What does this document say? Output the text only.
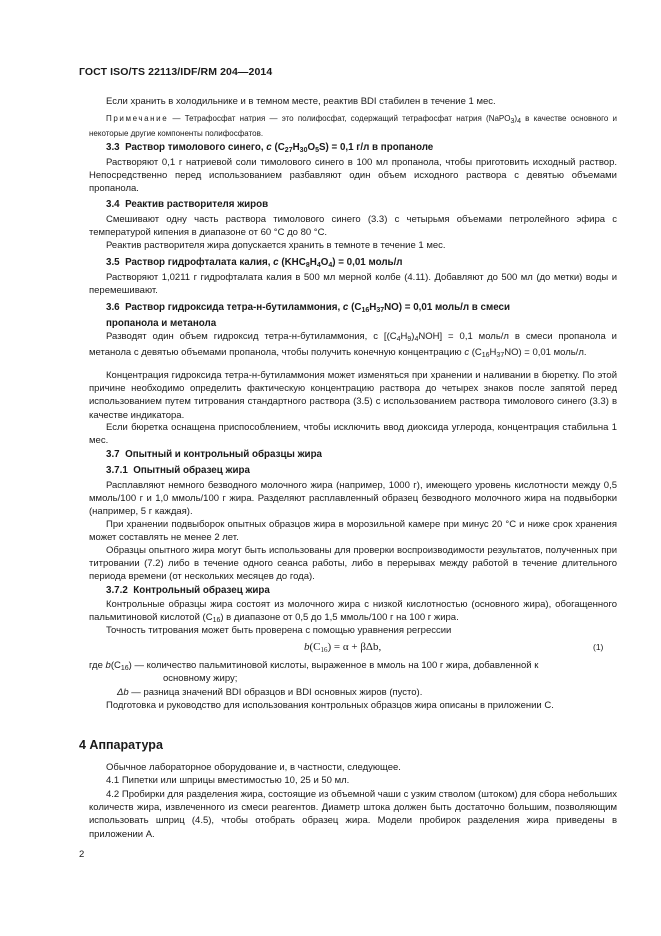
ГОСТ ISO/TS 22113/IDF/RM 204—2014
Если хранить в холодильнике и в темном месте, реактив BDI стабилен в течение 1 мес.
Примечание — Тетрафосфат натрия — это полифосфат, содержащий тетрафосфат натрия (NaPO3)4 в качестве основного и некоторые другие компоненты полифосфатов.
3.3 Раствор тимолового синего, c $(C_{27}H_{30}O_5S) = 0,1$ г/л в пропаноле
Растворяют 0,1 г натриевой соли тимолового синего в 100 мл пропанола, чтобы приготовить исходный раствор. Непосредственно перед использованием разбавляют один объем исходного раствора с девятью объемами пропанола.
3.4 Реактив растворителя жиров
Смешивают одну часть раствора тимолового синего (3.3) с четырьмя объемами петролейного эфира с температурой кипения в диапазоне от 60 °С до 80 °С.
Реактив растворителя жира допускается хранить в темноте в течение 1 мес.
3.5 Раствор гидрофталата калия, c $(KHC_8H_4O_4) = 0,01$ моль/л
Растворяют 1,0211 г гидрофталата калия в 500 мл мерной колбе (4.11). Добавляют до 500 мл (до метки) воды и перемешивают.
3.6 Раствор гидроксида тетра-н-бутиламмония, c $(C_{16}H_{37}NO) = 0,01$ моль/л в смеси
пропанола и метанола
Разводят один объем гидроксид тетра-н-бутиламмония, с $[(C_4H_9)_4NOH] = 0,1$ моль/л в смеси пропанола и метанола с девятью объемами пропанола, чтобы получить конечную концентрацию c $(C_{16}H_{37}NO) = 0,01$ моль/л.
Концентрация гидроксида тетра-н-бутиламмония может изменяться при хранении и наливании в бюретку. По этой причине необходимо определить фактическую концентрацию раствора до четырех знаков после запятой перед использованием путем титрования стандартного раствора (3.5) с использованием раствора тимолового синего (3.3) в качестве индикатора.
Если бюретка оснащена приспособлением, чтобы исключить ввод диоксида углерода, концентрация стабильна 1 мес.
3.7 Опытный и контрольный образцы жира
3.7.1 Опытный образец жира
Расплавляют немного безводного молочного жира (например, 1000 г), имеющего уровень кислотности между 0,5 ммоль/100 г и 1,0 ммоль/100 г жира. Разделяют расплавленный образец безводного молочного жира на подвыборки (например, 5 г каждая).
При хранении подвыборок опытных образцов жира в морозильной камере при минус 20 °С и ниже срок хранения может составлять не менее 2 лет.
Образцы опытного жира могут быть использованы для проверки воспроизводимости результатов, полученных при титровании (7.2) либо в течение одного сеанса работы, либо в перерывах между работой в течение длительного периода времени (от нескольких месяцев до года).
3.7.2 Контрольный образец жира
Контрольные образцы жира состоят из молочного жира с низкой кислотностью (основного жира), обогащенного пальмитиновой кислотой $(C_{16})$ в диапазоне от 0,5 до 1,5 ммоль/100 г на 100 г жира.
Точность титрования может быть проверена с помощью уравнения регрессии
$b(C_{16}) = \alpha + \beta\Delta b$,	(1)
где $b(C_{16})$ — количество пальмитиновой кислоты, выраженное в ммоль на 100 г жира, добавленной к
основному жиру;
Δb — разница значений BDI образцов и BDI основных жиров (пусто).
Подготовка и руководство для использования контрольных образцов жира описаны в приложении С.
4 Аппаратура
Обычное лабораторное оборудование и, в частности, следующее.
4.1 Пипетки или шприцы вместимостью 10, 25 и 50 мл.
4.2 Пробирки для разделения жира, состоящие из объемной чаши с узким стволом (штоком) для сбора небольших количеств жира, извлеченного из смеси реагентов. Диаметр штока должен быть достаточно большим, позволяющим использовать шприц (4.5), чтобы отобрать образец жира. Модели пробирок разделения жира приведены в приложении А.
2
